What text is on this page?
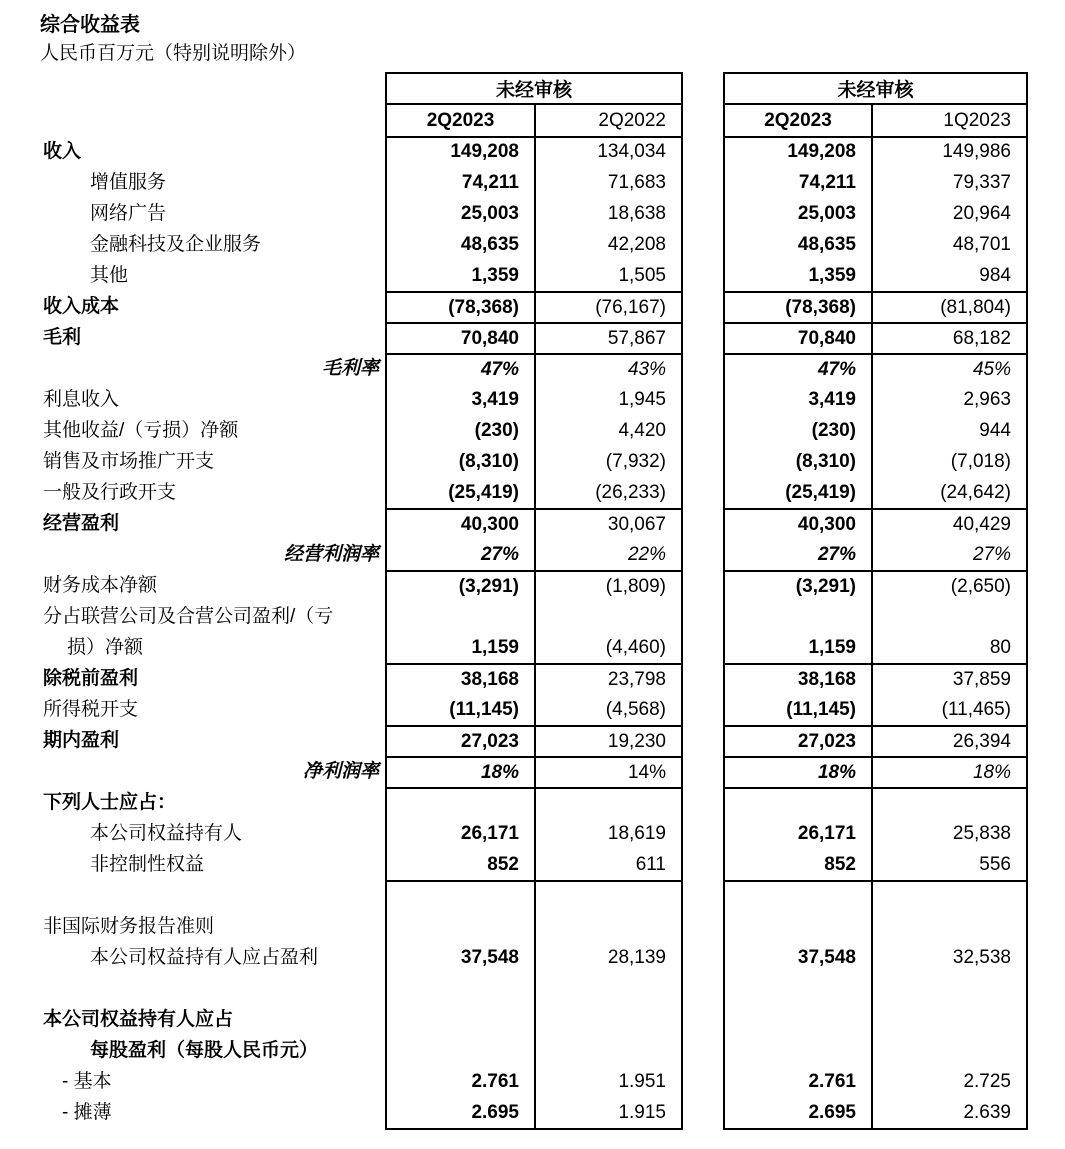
综合收益表
人民币百万元（特别说明除外）
未经审核	未经审核
2Q2023	2Q2022	2Q2023	1Q2023
收入	149,208	134,034	149,208	149,986
增值服务	74,211	71,683	74,211	79,337
网络广告	25,003	18,638	25,003	20,964
金融科技及企业服务	48,635	42,208	48,635	48,701
其他	1,359	1,505	1,359	984
收入成本	(78,368)	(76,167)	(78,368)	(81,804)
毛利	70,840	57,867	70,840	68,182
毛利率	47%	43%	47%	45%
利息收入	3,419	1,945	3,419	2,963
其他收益/（亏损）净额	(230)	4,420	(230)	944
销售及市场推广开支	(8,310)	(7,932)	(8,310)	(7,018)
一般及行政开支	(25,419)	(26,233)	(25,419)	(24,642)
经营盈利	40,300	30,067	40,300	40,429
经营利润率	27%	22%	27%	27%
财务成本净额	(3,291)	(1,809)	(3,291)	(2,650)
分占联营公司及合营公司盈利/（亏
损）净额	1,159	(4,460)	1,159	80
除税前盈利	38,168	23,798	38,168	37,859
所得税开支	(11,145)	(4,568)	(11,145)	(11,465)
期内盈利	27,023	19,230	27,023	26,394
净利润率	18%	14%	18%	18%
下列人士应占：
本公司权益持有人	26,171	18,619	26,171	25,838
非控制性权益	852	611	852	556
非国际财务报告准则
本公司权益持有人应占盈利	37,548	28,139	37,548	32,538
本公司权益持有人应占
每股盈利（每股人民币元）
- 基本	2.761	1.951	2.761	2.725
- 摊薄	2.695	1.915	2.695	2.639
